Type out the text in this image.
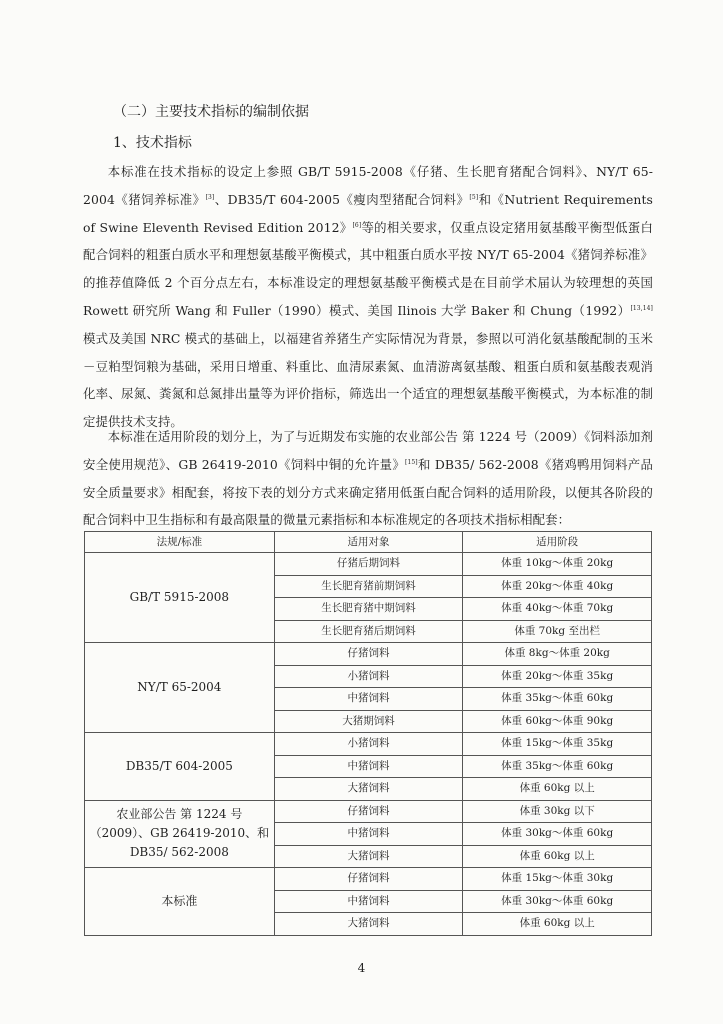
（二）主要技术指标的编制依据
1、技术指标
本标准在技术指标的设定上参照 GB/T 5915-2008《仔猪、生长肥育猪配合饲料》、NY/T 65-2004《猪饲养标准》[3]、DB35/T 604-2005《瘦肉型猪配合饲料》[5]和《Nutrient Requirements of Swine Eleventh Revised Edition 2012》[6]等的相关要求，仅重点设定猪用氨基酸平衡型低蛋白配合饲料的粗蛋白质水平和理想氨基酸平衡模式，其中粗蛋白质水平按 NY/T 65-2004《猪饲养标准》的推荐值降低 2 个百分点左右，本标准设定的理想氨基酸平衡模式是在目前学术届认为较理想的英国 Rowett 研究所 Wang 和 Fuller（1990）模式、美国 Ilinois 大学 Baker 和 Chung（1992）[13,14]模式及美国 NRC 模式的基础上，以福建省养猪生产实际情况为背景，参照以可消化氨基酸配制的玉米－豆粕型饲粮为基础，采用日增重、料重比、血清尿素氮、血清游离氨基酸、粗蛋白质和氨基酸表观消化率、尿氮、粪氮和总氮排出量等为评价指标，筛选出一个适宜的理想氨基酸平衡模式，为本标准的制定提供技术支持。
本标准在适用阶段的划分上，为了与近期发布实施的农业部公告 第 1224 号（2009）《饲料添加剂安全使用规范》、GB 26419-2010《饲料中铜的允许量》[15]和 DB35/ 562-2008《猪鸡鸭用饲料产品安全质量要求》相配套，将按下表的划分方式来确定猪用低蛋白配合饲料的适用阶段，以便其各阶段的配合饲料中卫生指标和有最高限量的微量元素指标和本标准规定的各项技术指标相配套：
法规/标准	适用对象	适用阶段
GB/T 5915-2008	仔猪后期饲料	体重 10kg～体重 20kg
	生长肥育猪前期饲料	体重 20kg～体重 40kg
	生长肥育猪中期饲料	体重 40kg～体重 70kg
	生长肥育猪后期饲料	体重 70kg 至出栏
NY/T 65-2004	仔猪饲料	体重 8kg～体重 20kg
	小猪饲料	体重 20kg～体重 35kg
	中猪饲料	体重 35kg～体重 60kg
	大猪期饲料	体重 60kg～体重 90kg
DB35/T 604-2005	小猪饲料	体重 15kg～体重 35kg
	中猪饲料	体重 35kg～体重 60kg
	大猪饲料	体重 60kg 以上
农业部公告 第 1224 号（2009）、GB 26419-2010、和 DB35/ 562-2008	仔猪饲料	体重 30kg 以下
	中猪饲料	体重 30kg～体重 60kg
	大猪饲料	体重 60kg 以上
本标准	仔猪饲料	体重 15kg～体重 30kg
	中猪饲料	体重 30kg～体重 60kg
	大猪饲料	体重 60kg 以上
4
